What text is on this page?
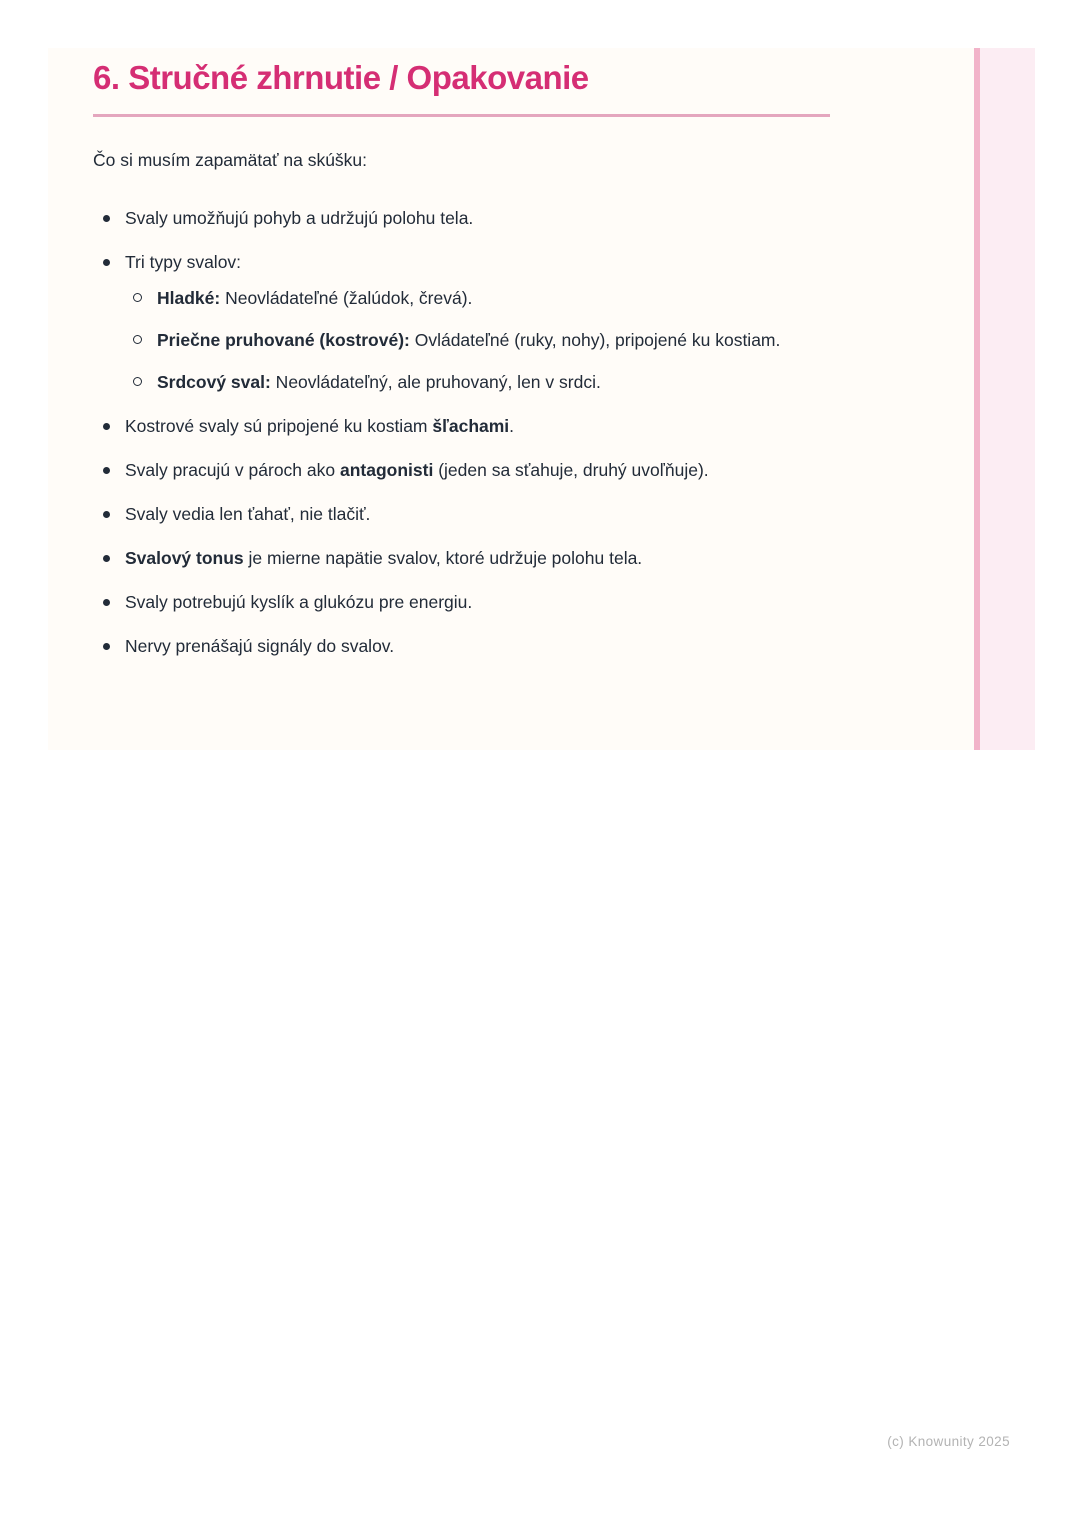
6. Stručné zhrnutie / Opakovanie

Čo si musím zapamätať na skúšku:

Svaly umožňujú pohyb a udržujú polohu tela.
Tri typy svalov:
Hladké: Neovládateľné (žalúdok, črevá).
Priečne pruhované (kostrové): Ovládateľné (ruky, nohy), pripojené ku kostiam.
Srdcový sval: Neovládateľný, ale pruhovaný, len v srdci.
Kostrové svaly sú pripojené ku kostiam šľachami.
Svaly pracujú v pároch ako antagonisti (jeden sa sťahuje, druhý uvoľňuje).
Svaly vedia len ťahať, nie tlačiť.
Svalový tonus je mierne napätie svalov, ktoré udržuje polohu tela.
Svaly potrebujú kyslík a glukózu pre energiu.
Nervy prenášajú signály do svalov.
(c) Knowunity 2025
